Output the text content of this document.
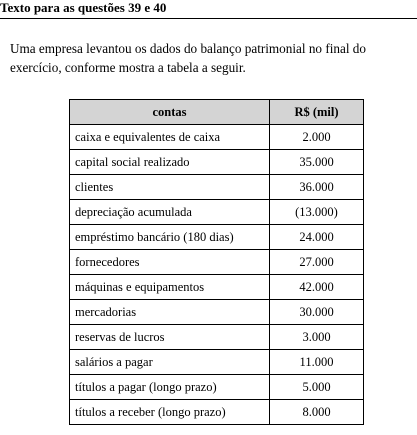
Texto para as questões 39 e 40
Uma empresa levantou os dados do balanço patrimonial no final do exercício, conforme mostra a tabela a seguir.
contas	R$ (mil)
caixa e equivalentes de caixa	2.000
capital social realizado	35.000
clientes	36.000
depreciação acumulada	(13.000)
empréstimo bancário (180 dias)	24.000
fornecedores	27.000
máquinas e equipamentos	42.000
mercadorias	30.000
reservas de lucros	3.000
salários a pagar	11.000
títulos a pagar (longo prazo)	5.000
títulos a receber (longo prazo)	8.000
